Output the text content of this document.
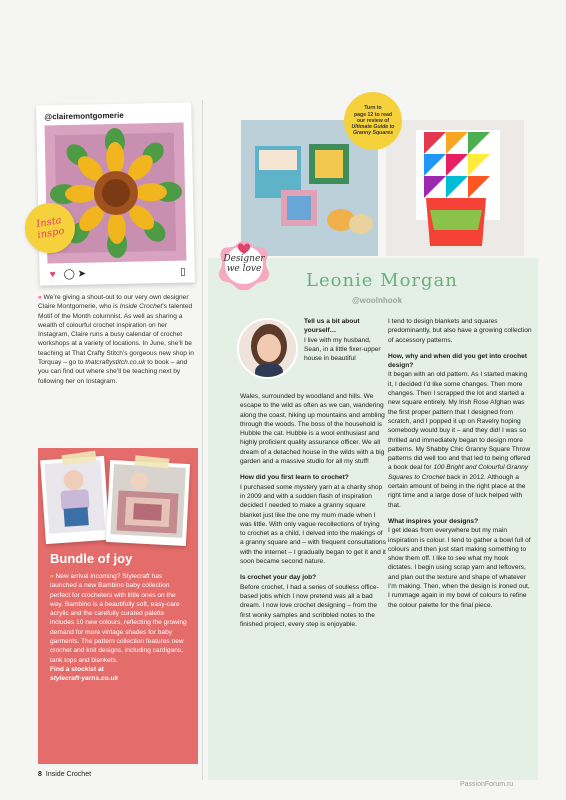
@clairemontgomerie
♥ ◯ ➤	▯
Insta
inspo
» We’re giving a shout-out to our very own designer Claire Montgomerie, who is Inside Crochet’s talented Motif of the Month columnist. As well as sharing a wealth of colourful crochet inspiration on her Instagram, Claire runs a busy calendar of crochet workshops at a variety of locations. In June, she’ll be teaching at That Crafty Stitch’s gorgeous new shop in Torquay – go to thatcraftystitch.co.uk to book – and you can find out where she’ll be teaching next by following her on Instagram.
Bundle of joy
» New arrival incoming? Stylecraft has launched a new Bambino baby collection perfect for crocheters with little ones on the way. Bambino is a beautifully soft, easy-care acrylic and the carefully curated palette includes 10 new colours, reflecting the growing demand for more vintage shades for baby garments. The pattern collection features new crochet and knit designs, including cardigans, tank tops and blankets.
Find a stockist at
stylecraft-yarns.co.uk
Turn to
page 12 to read
our review of
Ultimate Guide to Granny Squares
Designer
we love
Leonie Morgan
@woolnhook

Tell us a bit about yourself…

I live with my husband, Sean, in a little fixer-upper house in beautiful

Wales, surrounded by woodland and hills. We escape to the wild as often as we can, wandering along the coast, hiking up mountains and ambling through the woods. The boss of the household is Hubble the cat. Hubble is a wool enthusiast and highly proficient quality assurance officer. We all dream of a detached house in the wilds with a big garden and a massive studio for all my stuff!

How did you first learn to crochet?

I purchased some mystery yarn at a charity shop in 2009 and with a sudden flash of inspiration decided I needed to make a granny square blanket just like the one my mum made when I was little. With only vague recollections of trying to crochet as a child, I delved into the makings of a granny square and – with frequent consultations with the internet – I gradually began to get it and it soon became second nature.

Is crochet your day job?

Before crochet, I had a series of soulless office-based jobs which I now pretend was all a bad dream. I now love crochet designing – from the first wonky samples and scribbled notes to the finished project, every step is enjoyable.

I tend to design blankets and squares predominantly, but also have a growing collection of accessory patterns.

How, why and when did you get into crochet design?

It began with an old pattern. As I started making it, I decided I’d like some changes. Then more changes. Then I scrapped the lot and started a new square entirely. My Irish Rose Afghan was the first proper pattern that I designed from scratch, and I popped it up on Ravelry hoping somebody would buy it – and they did! I was so thrilled and immediately began to design more patterns. My Shabby Chic Granny Square Throw patterns did well too and that led to being offered a book deal for 100 Bright and Colourful Granny Squares to Crochet back in 2012. Although a certain amount of being in the right place at the right time and a large dose of luck helped with that.

What inspires your designs?

I get ideas from everywhere but my main inspiration is colour. I tend to gather a bowl full of colours and then just start making something to show them off. I like to see what my hook dictates. I begin using scrap yarn and leftovers, and plan out the texture and shape of whatever I’m making. Then, when the design is ironed out, I rummage again in my bowl of colours to refine the colour palette for the final piece.

8 Inside Crochet
PassionForum.ru
